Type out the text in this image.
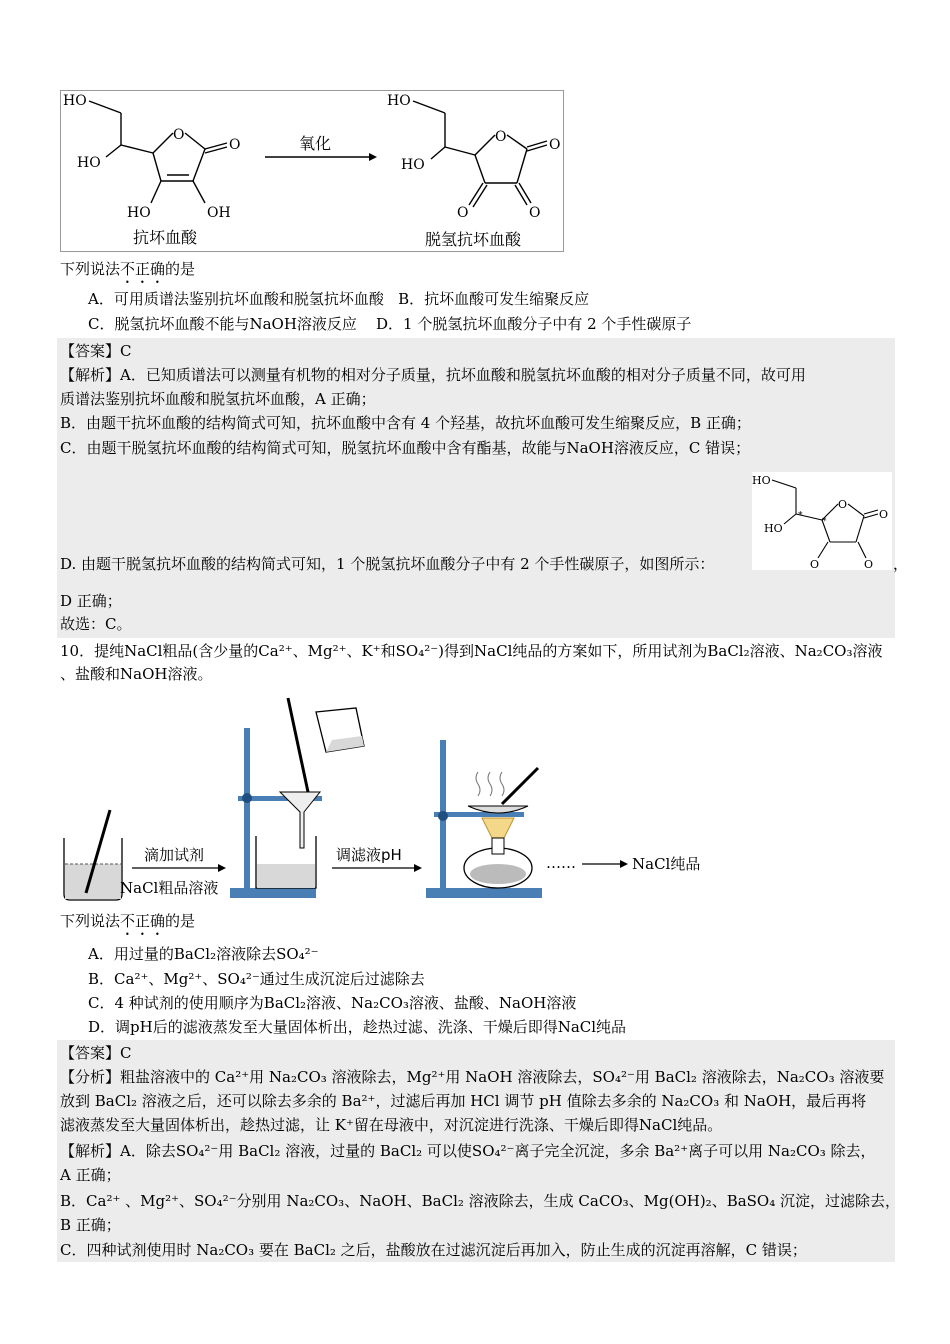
HO
HO
O
O
HO	OH
抗坏血酸
氧化
HO
HO
O	O
O	O
脱氢抗坏血酸
下列说法不正确的是
A．可用质谱法鉴别抗坏血酸和脱氢抗坏血酸 B．抗坏血酸可发生缩聚反应
C．脱氢抗坏血酸不能与NaOH溶液反应 D．1 个脱氢抗坏血酸分子中有 2 个手性碳原子
【答案】C
【解析】A．已知质谱法可以测量有机物的相对分子质量，抗坏血酸和脱氢抗坏血酸的相对分子质量不同，故可用
质谱法鉴别抗坏血酸和脱氢抗坏血酸，A 正确；
B．由题干抗坏血酸的结构简式可知，抗坏血酸中含有 4 个羟基，故抗坏血酸可发生缩聚反应，B 正确；
C．由题干脱氢抗坏血酸的结构简式可知，脱氢抗坏血酸中含有酯基，故能与NaOH溶液反应，C 错误；
HO
HO
O
O
O	O
*
*
D. 由题干脱氢抗坏血酸的结构简式可知，1 个脱氢抗坏血酸分子中有 2 个手性碳原子，如图所示：	，
D 正确；
故选：C。
10．提纯NaCl粗品(含少量的Ca²⁺、Mg²⁺、K⁺和SO₄²⁻)得到NaCl纯品的方案如下，所用试剂为BaCl₂溶液、Na₂CO₃溶液
、盐酸和NaOH溶液。
滴加试剂
NaCl粗品溶液
调滤液pH	……	NaCl纯品
下列说法不正确的是
A．用过量的BaCl₂溶液除去SO₄²⁻
B．Ca²⁺、Mg²⁺、SO₄²⁻通过生成沉淀后过滤除去
C．4 种试剂的使用顺序为BaCl₂溶液、Na₂CO₃溶液、盐酸、NaOH溶液
D．调pH后的滤液蒸发至大量固体析出，趁热过滤、洗涤、干燥后即得NaCl纯品
【答案】C
【分析】粗盐溶液中的 Ca²⁺用 Na₂CO₃ 溶液除去，Mg²⁺用 NaOH 溶液除去，SO₄²⁻用 BaCl₂ 溶液除去，Na₂CO₃ 溶液要
放到 BaCl₂ 溶液之后，还可以除去多余的 Ba²⁺，过滤后再加 HCl 调节 pH 值除去多余的 Na₂CO₃ 和 NaOH，最后再将
滤液蒸发至大量固体析出，趁热过滤，让 K⁺留在母液中，对沉淀进行洗涤、干燥后即得NaCl纯品。
【解析】A．除去SO₄²⁻用 BaCl₂ 溶液，过量的 BaCl₂ 可以使SO₄²⁻离子完全沉淀，多余 Ba²⁺离子可以用 Na₂CO₃ 除去，
A 正确；
B．Ca²⁺ 、Mg²⁺、SO₄²⁻分别用 Na₂CO₃、NaOH、BaCl₂ 溶液除去，生成 CaCO₃、Mg(OH)₂、BaSO₄ 沉淀，过滤除去，
B 正确；
C．四种试剂使用时 Na₂CO₃ 要在 BaCl₂ 之后，盐酸放在过滤沉淀后再加入，防止生成的沉淀再溶解，C 错误；
